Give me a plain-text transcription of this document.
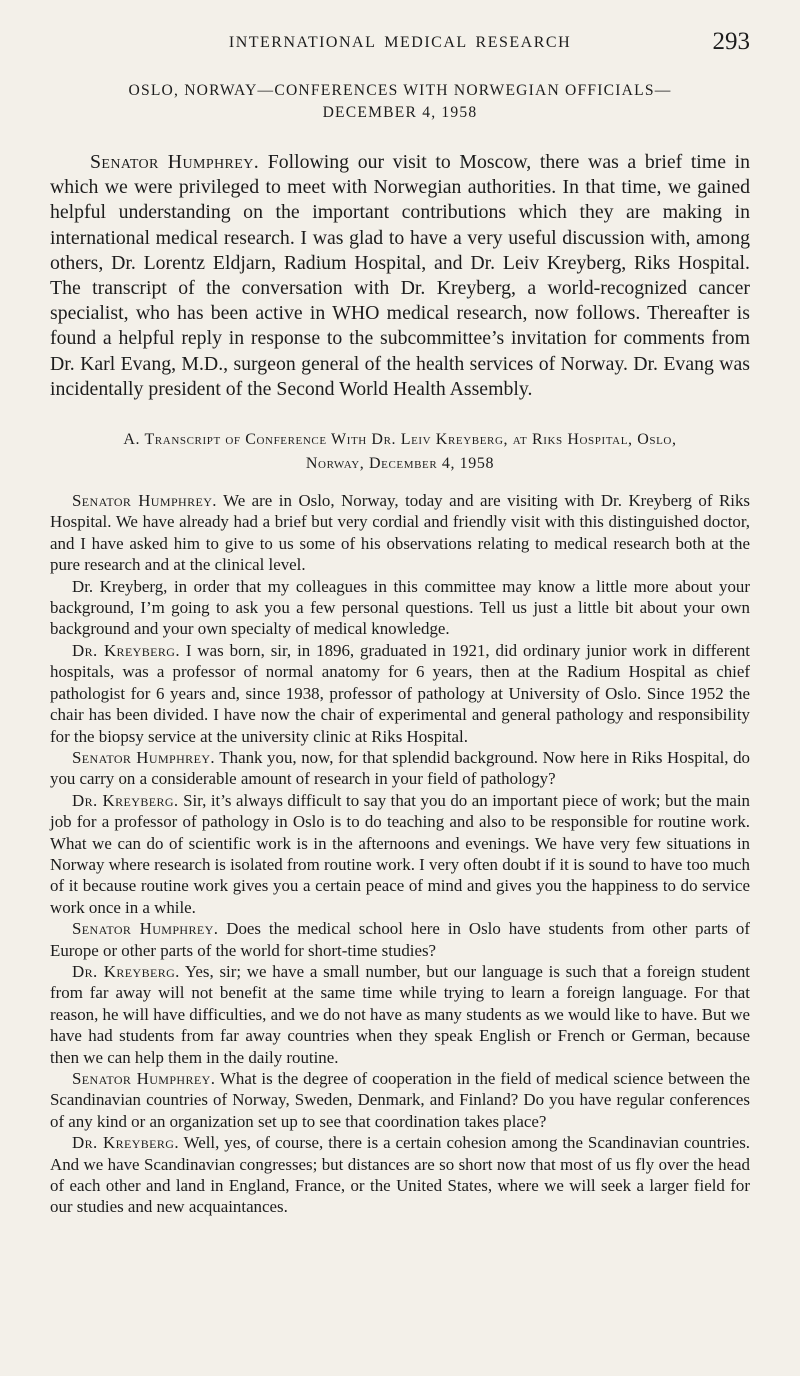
INTERNATIONAL MEDICAL RESEARCH	293
OSLO, NORWAY—CONFERENCES WITH NORWEGIAN OFFICIALS—
DECEMBER 4, 1958

Senator Humphrey. Following our visit to Moscow, there was a brief time in which we were privileged to meet with Norwegian authorities. In that time, we gained helpful understanding on the important contributions which they are making in international medical research. I was glad to have a very useful discussion with, among others, Dr. Lorentz Eldjarn, Radium Hospital, and Dr. Leiv Kreyberg, Riks Hospital. The transcript of the conversation with Dr. Kreyberg, a world-recognized cancer specialist, who has been active in WHO medical research, now follows. Thereafter is found a helpful reply in response to the subcommittee’s invitation for comments from Dr. Karl Evang, M.D., surgeon general of the health services of Norway. Dr. Evang was incidentally president of the Second World Health Assembly.

A. Transcript of Conference With Dr. Leiv Kreyberg, at Riks Hospital, Oslo,
Norway, December 4, 1958

Senator Humphrey. We are in Oslo, Norway, today and are visiting with Dr. Kreyberg of Riks Hospital. We have already had a brief but very cordial and friendly visit with this distinguished doctor, and I have asked him to give to us some of his observations relating to medical research both at the pure research and at the clinical level.

Dr. Kreyberg, in order that my colleagues in this committee may know a little more about your background, I’m going to ask you a few personal questions. Tell us just a little bit about your own background and your own specialty of medical knowledge.

Dr. Kreyberg. I was born, sir, in 1896, graduated in 1921, did ordinary junior work in different hospitals, was a professor of normal anatomy for 6 years, then at the Radium Hospital as chief pathologist for 6 years and, since 1938, professor of pathology at University of Oslo. Since 1952 the chair has been divided. I have now the chair of experimental and general pathology and responsibility for the biopsy service at the university clinic at Riks Hospital.

Senator Humphrey. Thank you, now, for that splendid background. Now here in Riks Hospital, do you carry on a considerable amount of research in your field of pathology?

Dr. Kreyberg. Sir, it’s always difficult to say that you do an important piece of work; but the main job for a professor of pathology in Oslo is to do teaching and also to be responsible for routine work. What we can do of scientific work is in the afternoons and evenings. We have very few situations in Norway where research is isolated from routine work. I very often doubt if it is sound to have too much of it because routine work gives you a certain peace of mind and gives you the happiness to do service work once in a while.

Senator Humphrey. Does the medical school here in Oslo have students from other parts of Europe or other parts of the world for short-time studies?

Dr. Kreyberg. Yes, sir; we have a small number, but our language is such that a foreign student from far away will not benefit at the same time while trying to learn a foreign language. For that reason, he will have difficulties, and we do not have as many students as we would like to have. But we have had students from far away countries when they speak English or French or German, because then we can help them in the daily routine.

Senator Humphrey. What is the degree of cooperation in the field of medical science between the Scandinavian countries of Norway, Sweden, Denmark, and Finland? Do you have regular conferences of any kind or an organization set up to see that coordination takes place?

Dr. Kreyberg. Well, yes, of course, there is a certain cohesion among the Scandinavian countries. And we have Scandinavian congresses; but distances are so short now that most of us fly over the head of each other and land in England, France, or the United States, where we will seek a larger field for our studies and new acquaintances.
